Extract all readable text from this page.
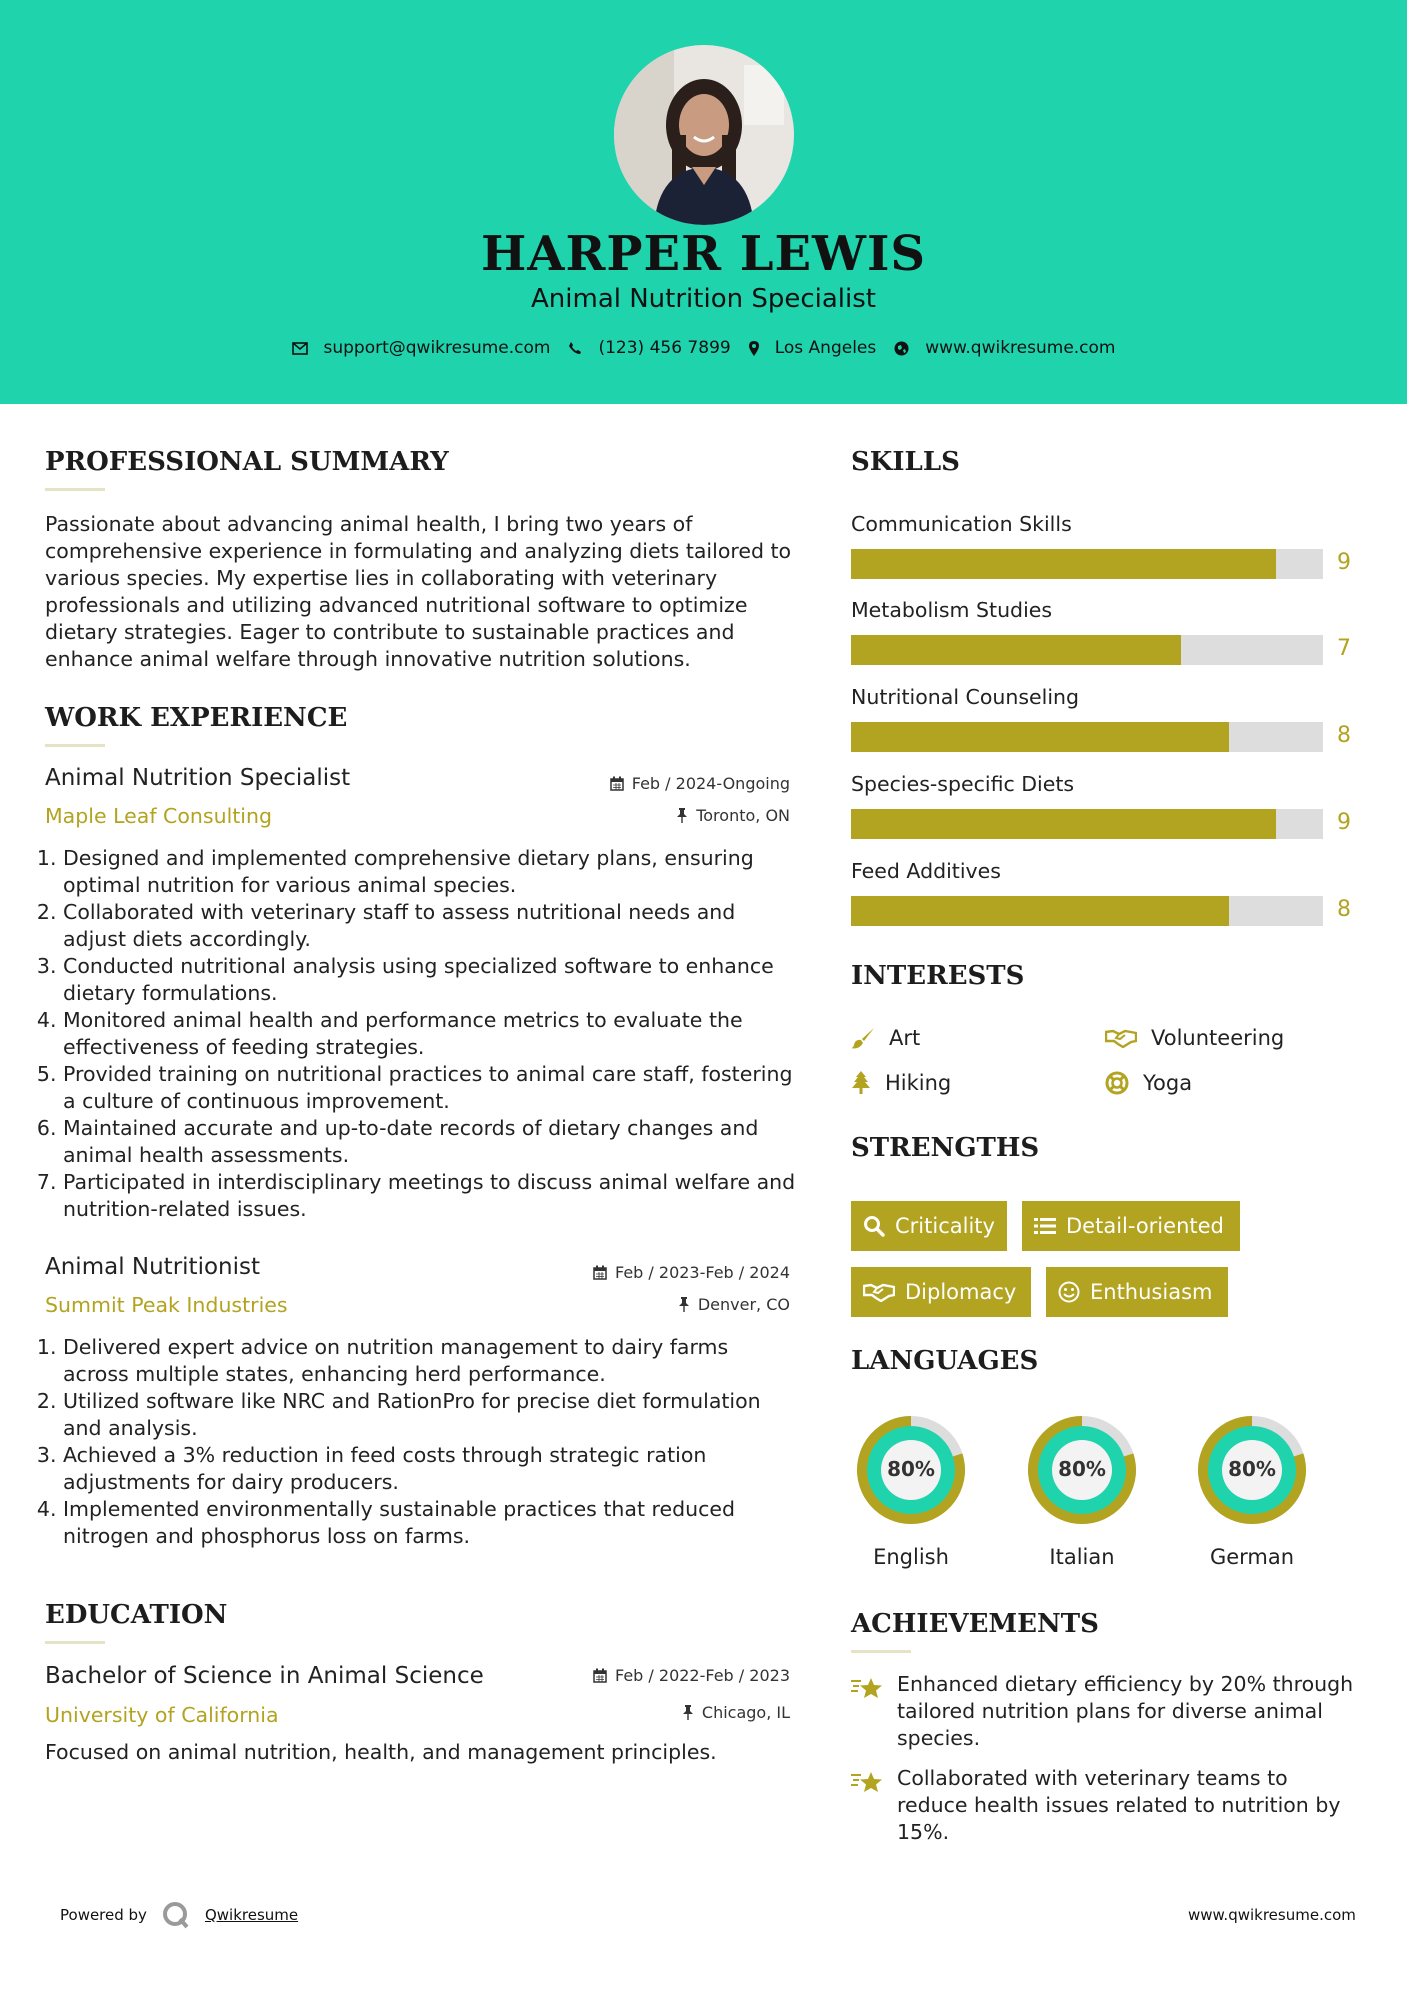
HARPER LEWIS
Animal Nutrition Specialist
support@qwikresume.com	(123) 456 7899	Los Angeles	www.qwikresume.com
PROFESSIONAL SUMMARY
Passionate about advancing animal health, I bring two years of comprehensive experience in formulating and analyzing diets tailored to various species. My expertise lies in collaborating with veterinary professionals and utilizing advanced nutritional software to optimize dietary strategies. Eager to contribute to sustainable practices and enhance animal welfare through innovative nutrition solutions.
WORK EXPERIENCE
Animal Nutrition Specialist
Maple Leaf Consulting
Feb / 2024-Ongoing
Toronto, ON
1. Designed and implemented comprehensive dietary plans, ensuring optimal nutrition for various animal species.
2. Collaborated with veterinary staff to assess nutritional needs and adjust diets accordingly.
3. Conducted nutritional analysis using specialized software to enhance dietary formulations.
4. Monitored animal health and performance metrics to evaluate the effectiveness of feeding strategies.
5. Provided training on nutritional practices to animal care staff, fostering a culture of continuous improvement.
6. Maintained accurate and up-to-date records of dietary changes and animal health assessments.
7. Participated in interdisciplinary meetings to discuss animal welfare and nutrition-related issues.
Animal Nutritionist
Summit Peak Industries
Feb / 2023-Feb / 2024
Denver, CO
1. Delivered expert advice on nutrition management to dairy farms across multiple states, enhancing herd performance.
2. Utilized software like NRC and RationPro for precise diet formulation and analysis.
3. Achieved a 3% reduction in feed costs through strategic ration adjustments for dairy producers.
4. Implemented environmentally sustainable practices that reduced nitrogen and phosphorus loss on farms.
EDUCATION
Bachelor of Science in Animal Science
University of California
Feb / 2022-Feb / 2023
Chicago, IL
Focused on animal nutrition, health, and management principles.
SKILLS
Communication Skills
9
Metabolism Studies
7
Nutritional Counseling
8
Species-specific Diets
9
Feed Additives
8
INTERESTS
Art	Volunteering
Hiking	Yoga
STRENGTHS
Criticality	Detail-oriented
Diplomacy	Enthusiasm
LANGUAGES
80%
English
80%
Italian
80%
German
ACHIEVEMENTS
Enhanced dietary efficiency by 20% through tailored nutrition plans for diverse animal species.
Collaborated with veterinary teams to reduce health issues related to nutrition by 15%.
Powered by	Qwikresume	www.qwikresume.com
